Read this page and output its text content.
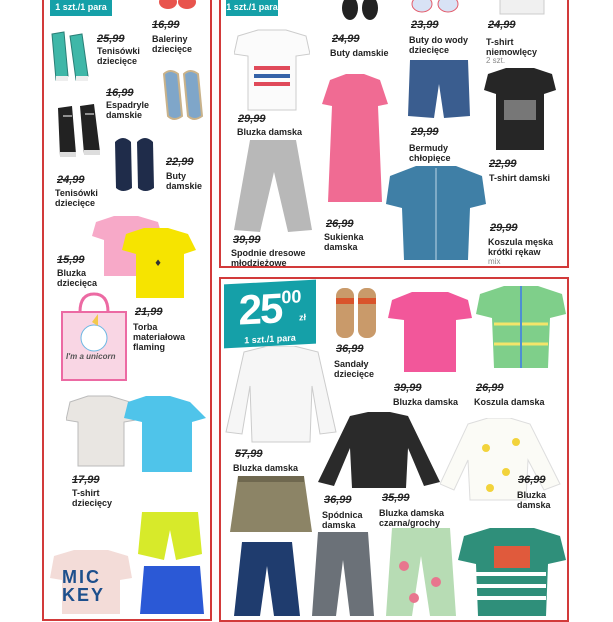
1 szt./1 para
16,99
Baleriny dziecięce
25,99
Tenisówki dziecięce
16,99
Espadryle damskie
22,99
Buty damskie
24,99
Tenisówki dziecięce
♦
15,99
Bluzka dziecięca
I'm a unicorn
21,99
Torba materiałowa flaming
17,99
T-shirt dziecięcy
MICKEY
1 szt./1 para
24,99
Buty damskie
23,99
Buty do wody dziecięce
24,99
T-shirt niemowlęcy
2 szt.
29,99
Bluzka damska	29,99
Bermudy chłopięce	22,99
T-shirt damski
39,99
Spodnie dresowe młodzieżowe
26,99
Sukienka damska
29,99
Koszula męska krótki rękaw
mix
$25^{00}$
zł
1 szt./1 para
36,99
Sandały dziecięce
39,99
Bluzka damska
26,99
Koszula damska
57,99
Bluzka damska
35,99
Bluzka damska czarna/grochy
36,99
Bluzka damska
36,99
Spódnica damska
